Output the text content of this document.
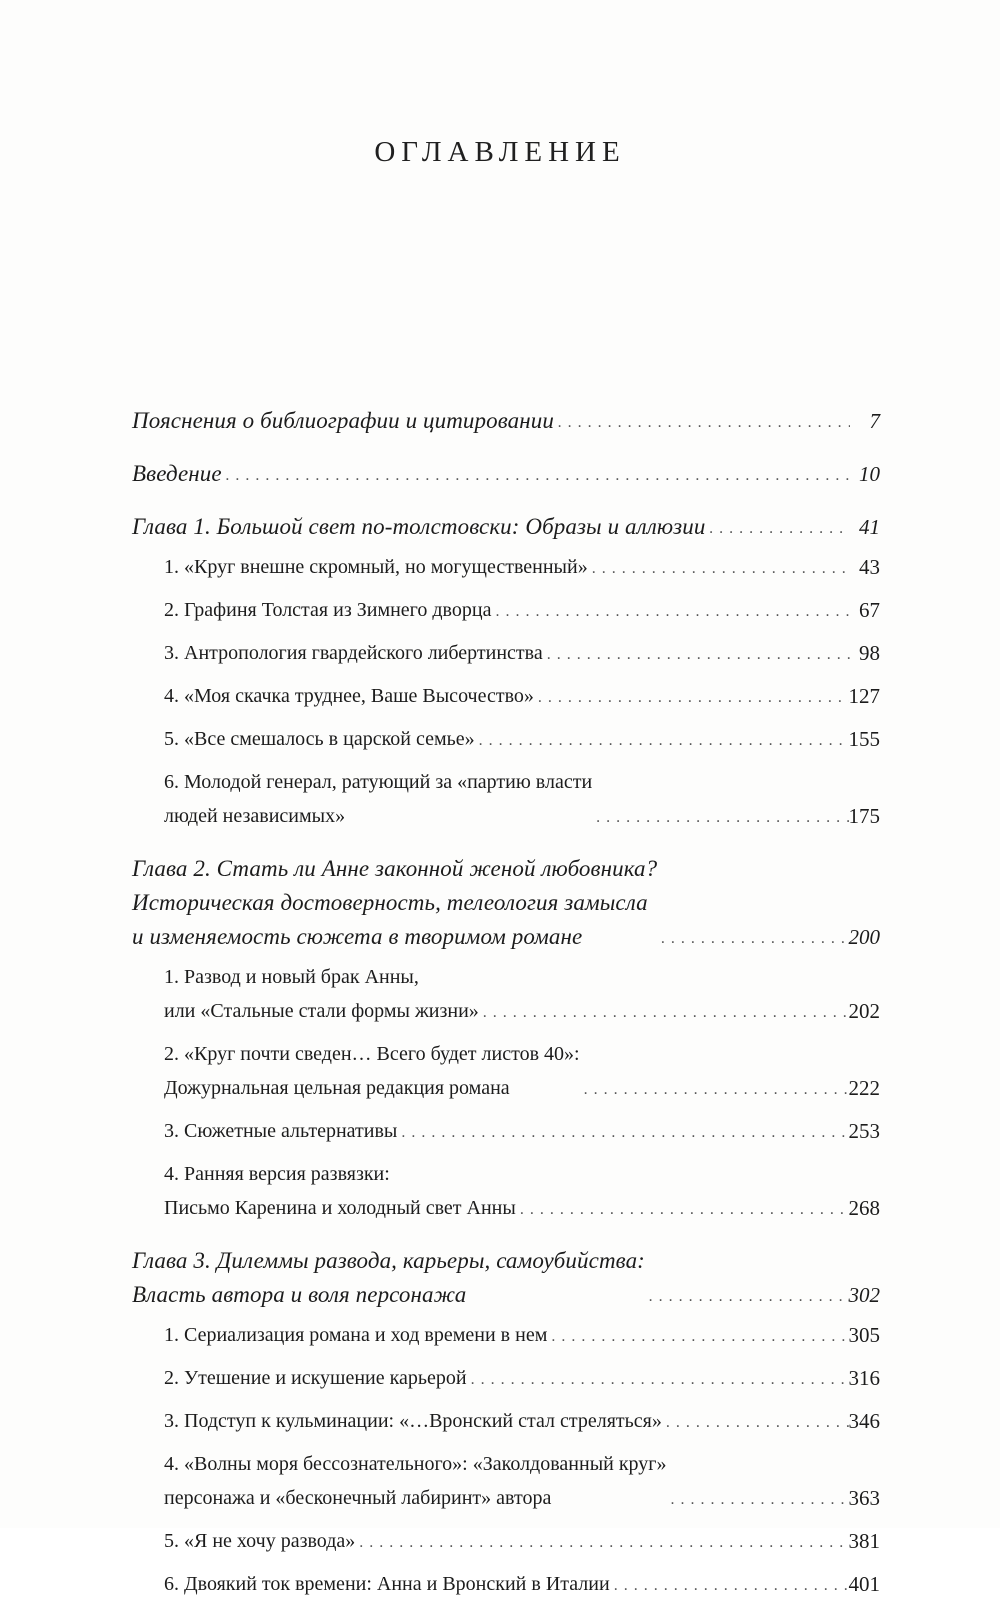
ОГЛАВЛЕНИЕ
Пояснения о библиографии и цитировании . . .	7
Введение . . .	10
Глава 1. Большой свет по-толстовски: Образы и аллюзии . . .	41
1. «Круг внешне скромный, но могущественный» . . .	43
2. Графиня Толстая из Зимнего дворца . . .	67
3. Антропология гвардейского либертинства . . .	98
4. «Моя скачка труднее, Ваше Высочество» . . .	127
5. «Все смешалось в царской семье» . . .	155
6. Молодой генерал, ратующий за «партию власти
людей независимых» . . .	175
Глава 2. Стать ли Анне законной женой любовника?
Историческая достоверность, телеология замысла
и изменяемость сюжета в творимом романе . . .	200
1. Развод и новый брак Анны,
или «Стальные стали формы жизни» . . .	202
2. «Круг почти сведен… Всего будет листов 40»:
Дожурнальная цельная редакция романа . . .	222
3. Сюжетные альтернативы . . .	253
4. Ранняя версия развязки:
Письмо Каренина и холодный свет Анны . . .	268
Глава 3. Дилеммы развода, карьеры, самоубийства:
Власть автора и воля персонажа . . .	302
1. Сериализация романа и ход времени в нем . . .	305
2. Утешение и искушение карьерой . . .	316
3. Подступ к кульминации: «…Вронский стал стреляться» . . .	346
4. «Волны моря бессознательного»: «Заколдованный круг»
персонажа и «бесконечный лабиринт» автора . . .	363
5. «Я не хочу развода» . . .	381
6. Двоякий ток времени: Анна и Вронский в Италии . . .	401
